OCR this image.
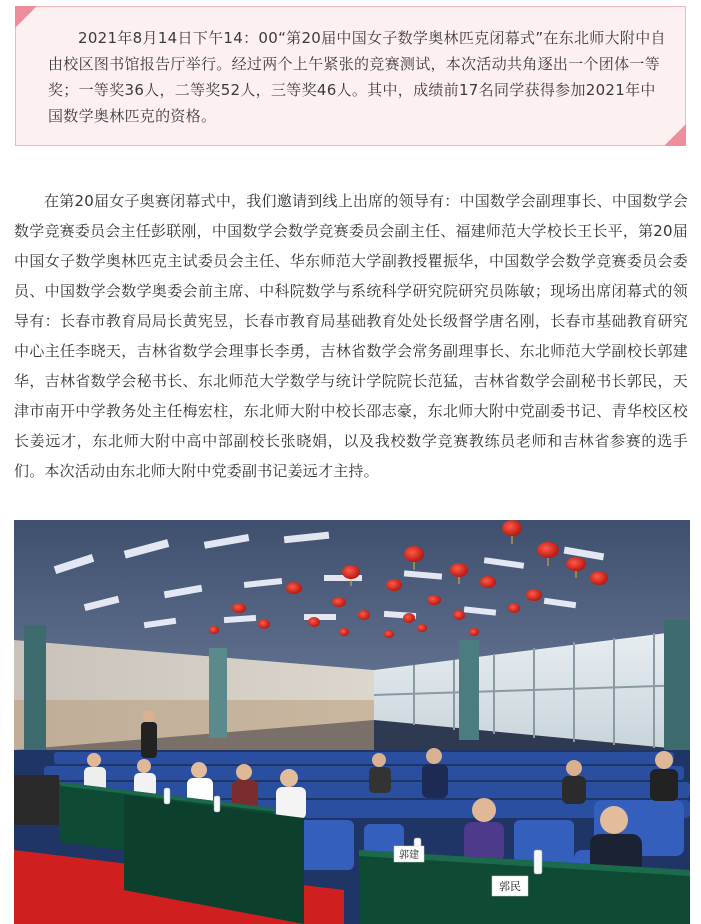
2021年8月14日下午14：00“第20届中国女子数学奥林匹克闭幕式”在东北师大附中自由校区图书馆报告厅举行。经过两个上午紧张的竞赛测试，本次活动共角逐出一个团体一等奖；一等奖36人，二等奖52人，三等奖46人。其中，成绩前17名同学获得参加2021年中国数学奥林匹克的资格。

在第20届女子奥赛闭幕式中，我们邀请到线上出席的领导有：中国数学会副理事长、中国数学会数学竞赛委员会主任彭联刚，中国数学会数学竞赛委员会副主任、福建师范大学校长王长平，第20届中国女子数学奥林匹克主试委员会主任、华东师范大学副教授瞿振华，中国数学会数学竞赛委员会委员、中国数学会数学奥委会前主席、中科院数学与系统科学研究院研究员陈敏；现场出席闭幕式的领导有：长春市教育局局长黄宪昱，长春市教育局基础教育处处长级督学唐名刚，长春市基础教育研究中心主任李晓天，吉林省数学会理事长李勇，吉林省数学会常务副理事长、东北师范大学副校长郭建华，吉林省数学会秘书长、东北师范大学数学与统计学院院长范猛，吉林省数学会副秘书长郭民，天津市南开中学教务处主任梅宏柱，东北师大附中校长邵志豪，东北师大附中党副委书记、青华校区校长姜远才，东北师大附中高中部副校长张晓娟，以及我校数学竞赛教练员老师和吉林省参赛的选手们。本次活动由东北师大附中党委副书记姜远才主持。

郭建
郭民
